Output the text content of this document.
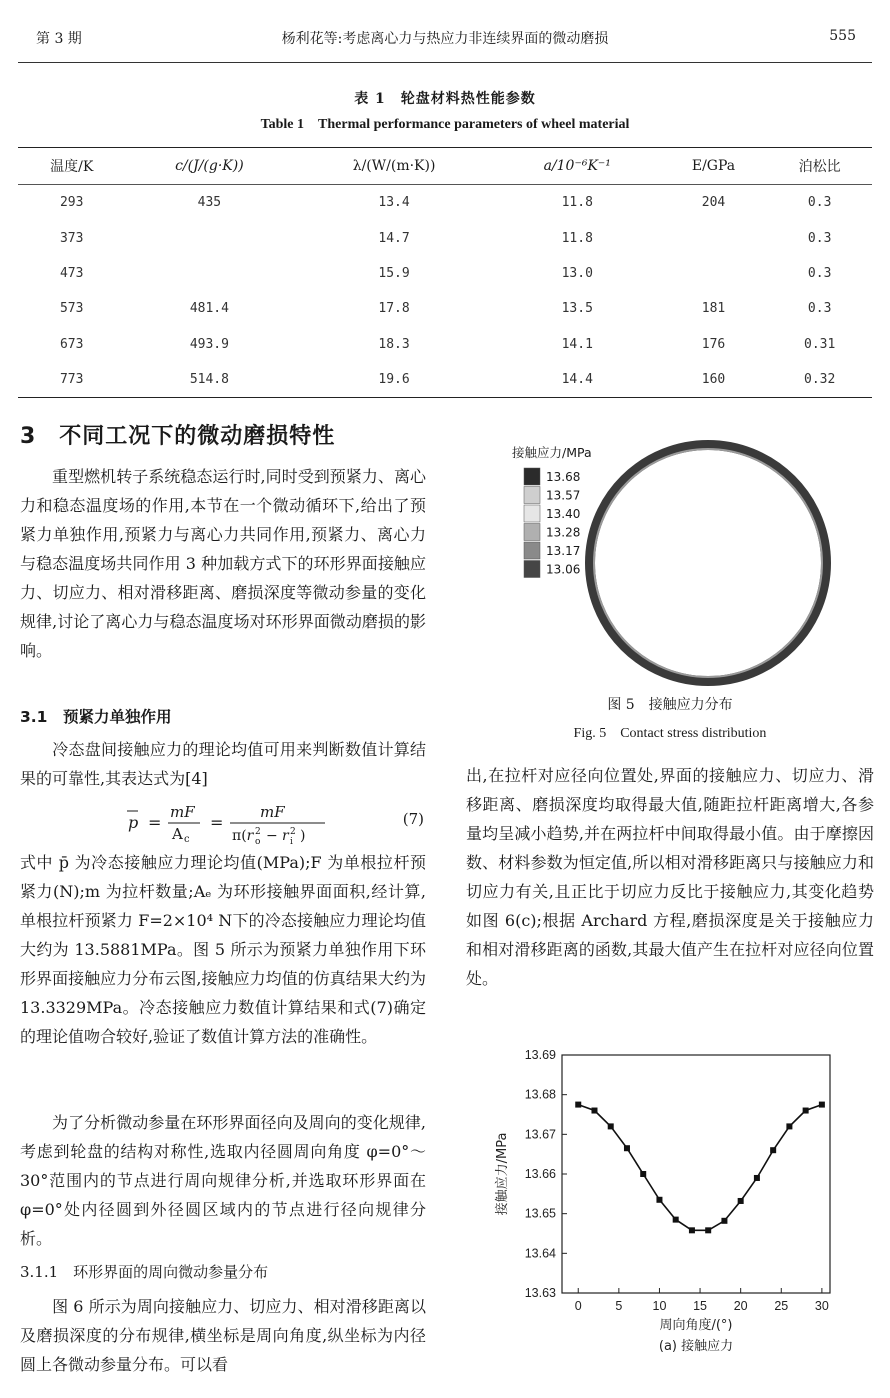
第 3 期	杨利花等:考虑离心力与热应力非连续界面的微动磨损	555
表 1　轮盘材料热性能参数
Table 1　Thermal performance parameters of wheel material
温度/K	c/(J/(g·K))	λ/(W/(m·K))	a/10⁻⁶K⁻¹	E/GPa	泊松比
293	435	13.4	11.8	204	0.3
373		14.7	11.8		0.3
473		15.9	13.0		0.3
573	481.4	17.8	13.5	181	0.3
673	493.9	18.3	14.1	176	0.31
773	514.8	19.6	14.4	160	0.32
3　不同工况下的微动磨损特性
重型燃机转子系统稳态运行时,同时受到预紧力、离心力和稳态温度场的作用,本节在一个微动循环下,给出了预紧力单独作用,预紧力与离心力共同作用,预紧力、离心力与稳态温度场共同作用 3 种加载方式下的环形界面接触应力、切应力、相对滑移距离、磨损深度等微动参量的变化规律,讨论了离心力与稳态温度场对环形界面微动磨损的影响。
3.1　预紧力单独作用
冷态盘间接触应力的理论均值可用来判断数值计算结果的可靠性,其表达式为[4]
p =
mF
A c
=
mF
π(r 2
o − r 2
i )
(7)
式中 p̄ 为冷态接触应力理论均值(MPa);F 为单根拉杆预紧力(N);m 为拉杆数量;Aₑ 为环形接触界面面积,经计算,单根拉杆预紧力 F=2×10⁴ N下的冷态接触应力理论均值大约为 13.5881MPa。图 5 所示为预紧力单独作用下环形界面接触应力分布云图,接触应力均值的仿真结果大约为 13.3329MPa。冷态接触应力数值计算结果和式(7)确定的理论值吻合较好,验证了数值计算方法的准确性。
为了分析微动参量在环形界面径向及周向的变化规律,考虑到轮盘的结构对称性,选取内径圆周向角度 φ=0°～30°范围内的节点进行周向规律分析,并选取环形界面在 φ=0°处内径圆到外径圆区域内的节点进行径向规律分析。
3.1.1　环形界面的周向微动参量分布
图 6 所示为周向接触应力、切应力、相对滑移距离以及磨损深度的分布规律,横坐标是周向角度,纵坐标为内径圆上各微动参量分布。可以看
接触应力/MPa
13.68
13.57
13.40
13.28
13.17
13.06
图 5　接触应力分布
Fig. 5　Contact stress distribution
出,在拉杆对应径向位置处,界面的接触应力、切应力、滑移距离、磨损深度均取得最大值,随距拉杆距离增大,各参量均呈减小趋势,并在两拉杆中间取得最小值。由于摩擦因数、材料参数为恒定值,所以相对滑移距离只与接触应力和切应力有关,且正比于切应力反比于接触应力,其变化趋势如图 6(c);根据 Archard 方程,磨损深度是关于接触应力和相对滑移距离的函数,其最大值产生在拉杆对应径向位置处。
0	5 10 15 20 25 30
13.63
13.64
13.65
13.66
13.67
13.68
13.69
周向角度/(°)
接触应力/MPa
(a) 接触应力
